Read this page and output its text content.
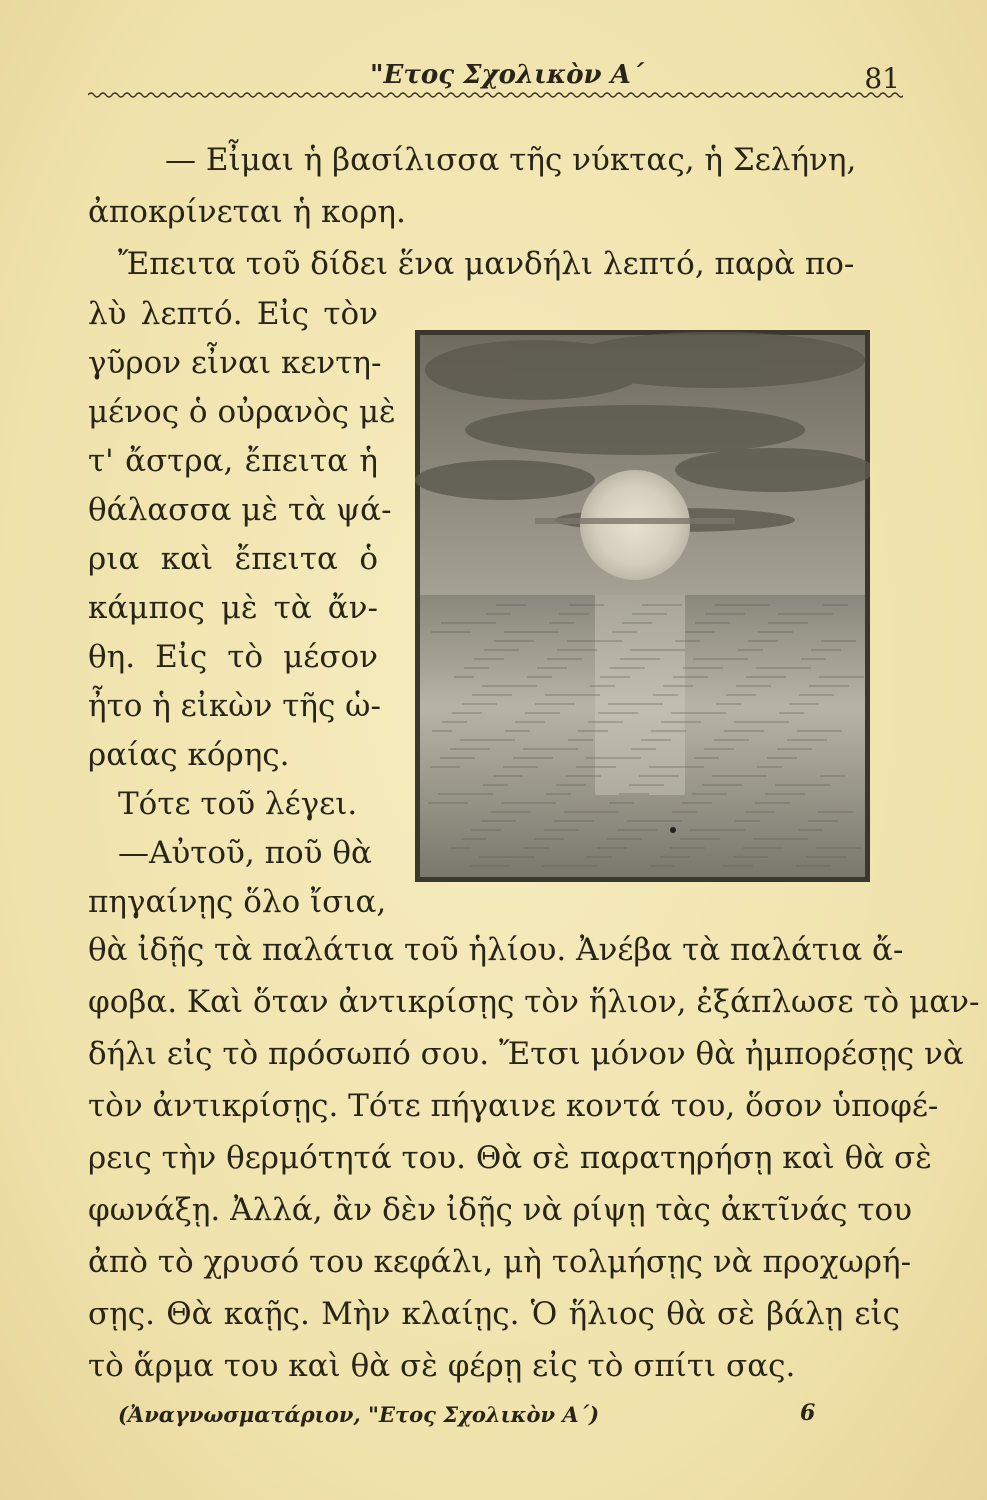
"Ετος Σχολικὸν Α΄	81
— Εἶμαι ἡ βασίλισσα τῆς νύκτας, ἡ Σελήνη,
ἀποκρίνεται ἡ κορη.
Ἔπειτα τοῦ δίδει ἕνα μανδήλι λεπτό, παρὰ πο-
λὺ λεπτό. Εἰς τὸν
γῦρον εἶναι κεντη-
μένος ὁ οὐρανὸς μὲ
τ' ἄστρα, ἔπειτα ἡ
θάλασσα μὲ τὰ ψά-
ρια καὶ ἔπειτα ὁ
κάμπος μὲ τὰ ἄν-
θη. Εἰς τὸ μέσον
ἦτο ἡ εἰκὼν τῆς ὡ-
ραίας κόρης.
Τότε τοῦ λέγει.
—Αὐτοῦ, ποῦ θὰ
πηγαίνῃς ὅλο ἴσια,
θὰ ἰδῇς τὰ παλάτια τοῦ ἡλίου. Ἀνέβα τὰ παλάτια ἄ-
φοβα. Καὶ ὅταν ἀντικρίσῃς τὸν ἥλιον, ἐξάπλωσε τὸ μαν-
δήλι εἰς τὸ πρόσωπό σου. Ἔτσι μόνον θὰ ἠμπορέσῃς νὰ
τὸν ἀντικρίσῃς. Τότε πήγαινε κοντά του, ὅσον ὑποφέ-
ρεις τὴν θερμότητά του. Θὰ σὲ παρατηρήσῃ καὶ θὰ σὲ
φωνάξῃ. Ἀλλά, ἂν δὲν ἰδῇς νὰ ρίψῃ τὰς ἀκτῖνάς του
ἀπὸ τὸ χρυσό του κεφάλι, μὴ τολμήσῃς νὰ προχωρή-
σῃς. Θὰ καῇς. Μὴν κλαίῃς. Ὁ ἥλιος θὰ σὲ βάλῃ εἰς
τὸ ἅρμα του καὶ θὰ σὲ φέρῃ εἰς τὸ σπίτι σας.
(Ἀναγνωσματάριον, "Ετος Σχολικὸν Α΄)	6
